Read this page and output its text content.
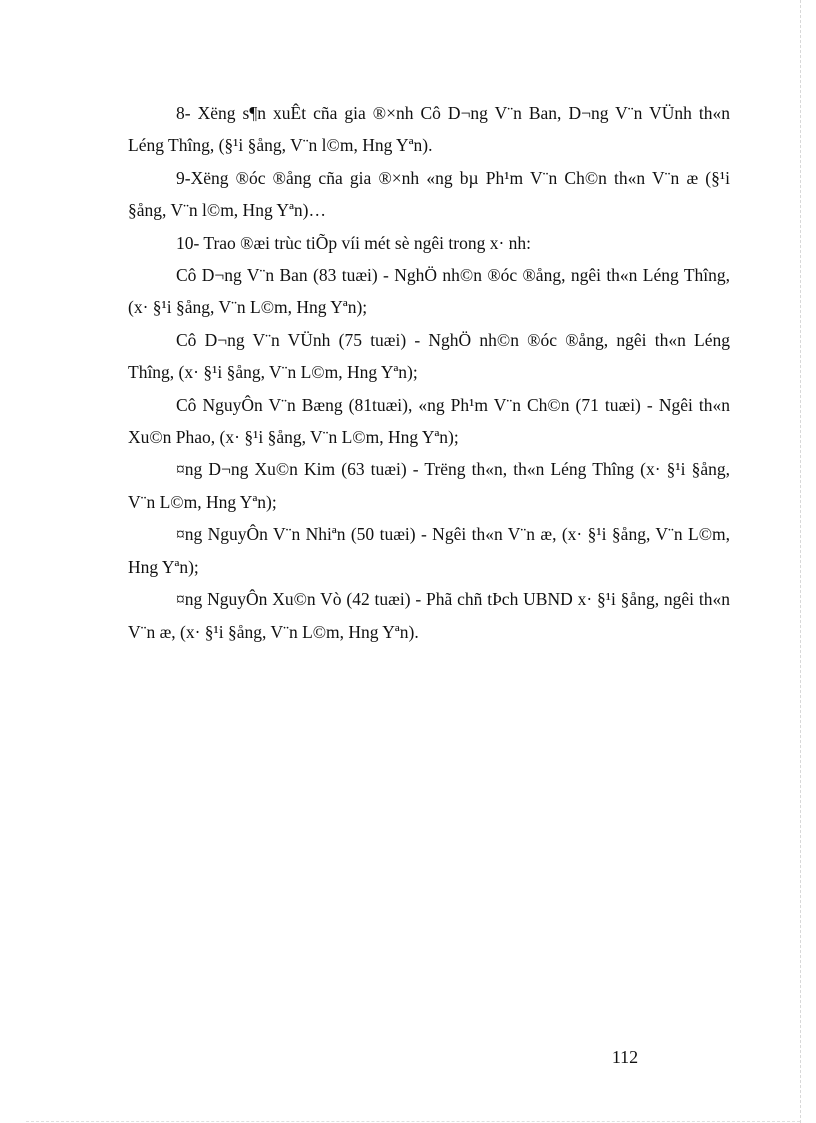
8- Xëng s¶n xuÊt cña gia ®×nh Cô D¬ng V¨n Ban, D¬ng V¨n VÜnh th«n Léng Thîng, (§¹i §ång, V¨n l©m, Hng Yªn).

9-Xëng ®óc ®ång cña gia ®×nh «ng bµ Ph¹m V¨n Ch©n th«n V¨n æ (§¹i §ång, V¨n l©m, Hng Yªn)…

10- Trao ®æi trùc tiÕp víi mét sè ngêi trong x· nh:

Cô D¬ng V¨n Ban (83 tuæi) - NghÖ nh©n ®óc ®ång, ngêi th«n Léng Thîng, (x· §¹i §ång, V¨n L©m, Hng Yªn);

Cô D¬ng V¨n VÜnh (75 tuæi) - NghÖ nh©n ®óc ®ång, ngêi th«n Léng Thîng, (x· §¹i §ång, V¨n L©m, Hng Yªn);

Cô NguyÔn V¨n Bæng (81tuæi), «ng Ph¹m V¨n Ch©n (71 tuæi) - Ngêi th«n Xu©n Phao, (x· §¹i §ång, V¨n L©m, Hng Yªn);

¤ng D¬ng Xu©n Kim (63 tuæi) - Trëng th«n, th«n Léng Thîng (x· §¹i §ång, V¨n L©m, Hng Yªn);

¤ng NguyÔn V¨n Nhiªn (50 tuæi) - Ngêi th«n V¨n æ, (x· §¹i §ång, V¨n L©m, Hng Yªn);

¤ng NguyÔn Xu©n Vò (42 tuæi) - Phã chñ tÞch UBND x· §¹i §ång, ngêi th«n V¨n æ, (x· §¹i §ång, V¨n L©m, Hng Yªn).

112
